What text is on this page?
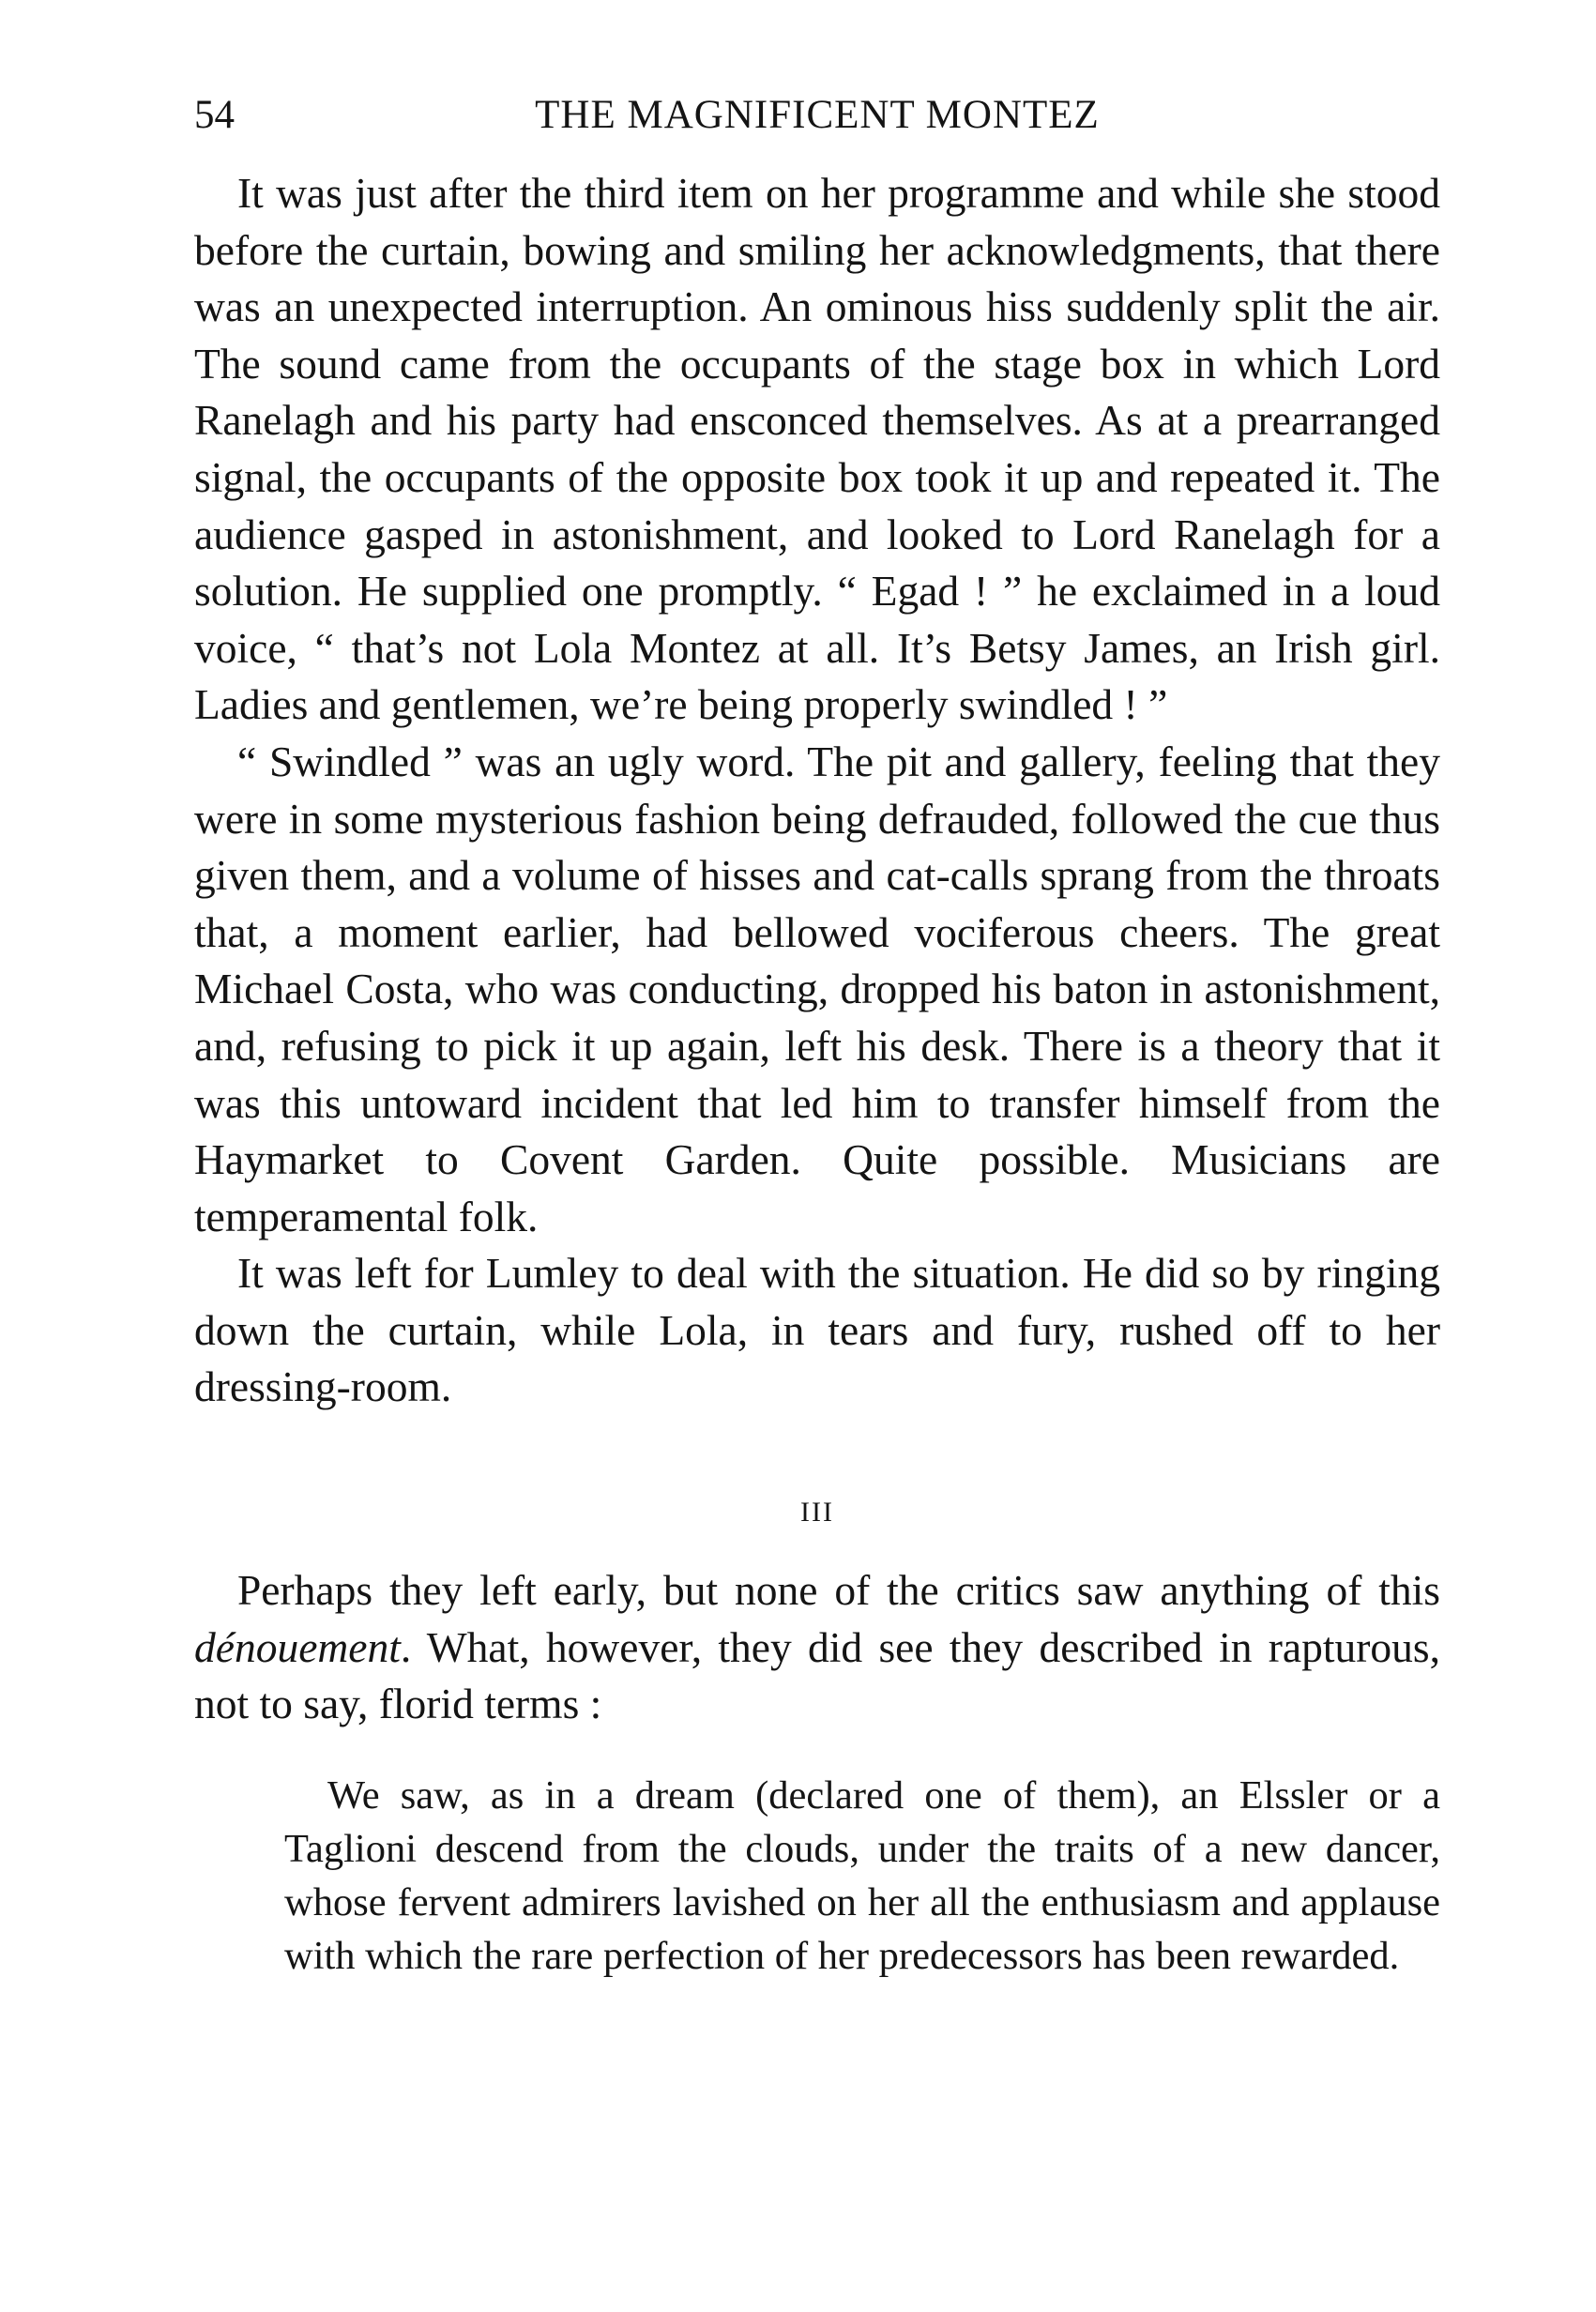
54	THE MAGNIFICENT MONTEZ

It was just after the third item on her programme and while she stood before the curtain, bowing and smiling her acknowledgments, that there was an unexpected interruption. An ominous hiss suddenly split the air. The sound came from the occupants of the stage box in which Lord Ranelagh and his party had ensconced themselves. As at a prearranged signal, the occupants of the opposite box took it up and repeated it. The audience gasped in astonishment, and looked to Lord Ranelagh for a solution. He supplied one promptly. “ Egad ! ” he exclaimed in a loud voice, “ that’s not Lola Montez at all. It’s Betsy James, an Irish girl. Ladies and gentlemen, we’re being properly swindled ! ”

“ Swindled ” was an ugly word. The pit and gallery, feeling that they were in some mysterious fashion being defrauded, followed the cue thus given them, and a volume of hisses and cat-calls sprang from the throats that, a moment earlier, had bellowed vociferous cheers. The great Michael Costa, who was conducting, dropped his baton in astonishment, and, refusing to pick it up again, left his desk. There is a theory that it was this untoward incident that led him to transfer himself from the Haymarket to Covent Garden. Quite possible. Musicians are temperamental folk.

It was left for Lumley to deal with the situation. He did so by ringing down the curtain, while Lola, in tears and fury, rushed off to her dressing-room.

III

Perhaps they left early, but none of the critics saw anything of this dénouement. What, however, they did see they described in rapturous, not to say, florid terms :

We saw, as in a dream (declared one of them), an Elssler or a Taglioni descend from the clouds, under the traits of a new dancer, whose fervent admirers lavished on her all the enthusiasm and applause with which the rare perfection of her predecessors has been rewarded.
